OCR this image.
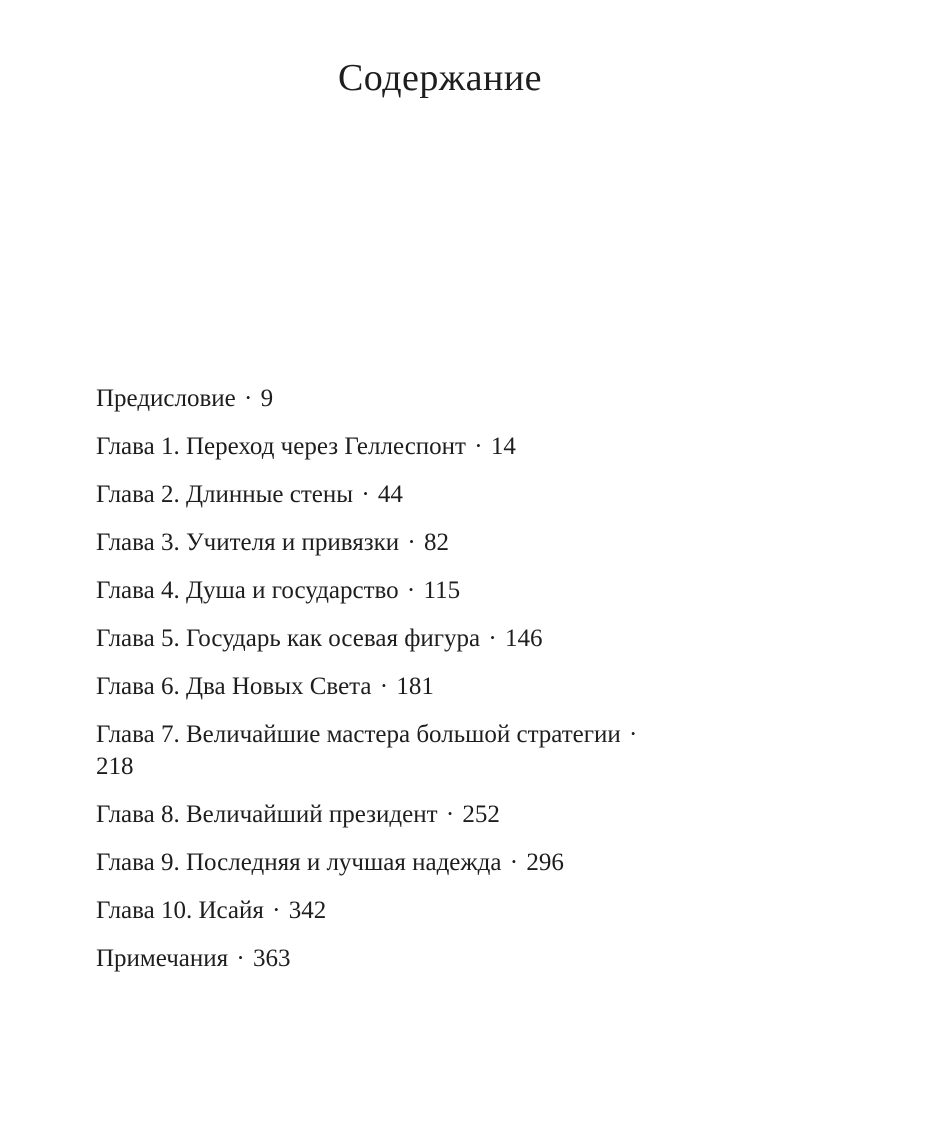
Содержание
Предисловие · 9
Глава 1. Переход через Геллеспонт · 14
Глава 2. Длинные стены · 44
Глава 3. Учителя и привязки · 82
Глава 4. Душа и государство · 115
Глава 5. Государь как осевая фигура · 146
Глава 6. Два Новых Света · 181
Глава 7. Величайшие мастера большой стратегии · 218
Глава 8. Величайший президент · 252
Глава 9. Последняя и лучшая надежда · 296
Глава 10. Исайя · 342
Примечания · 363
